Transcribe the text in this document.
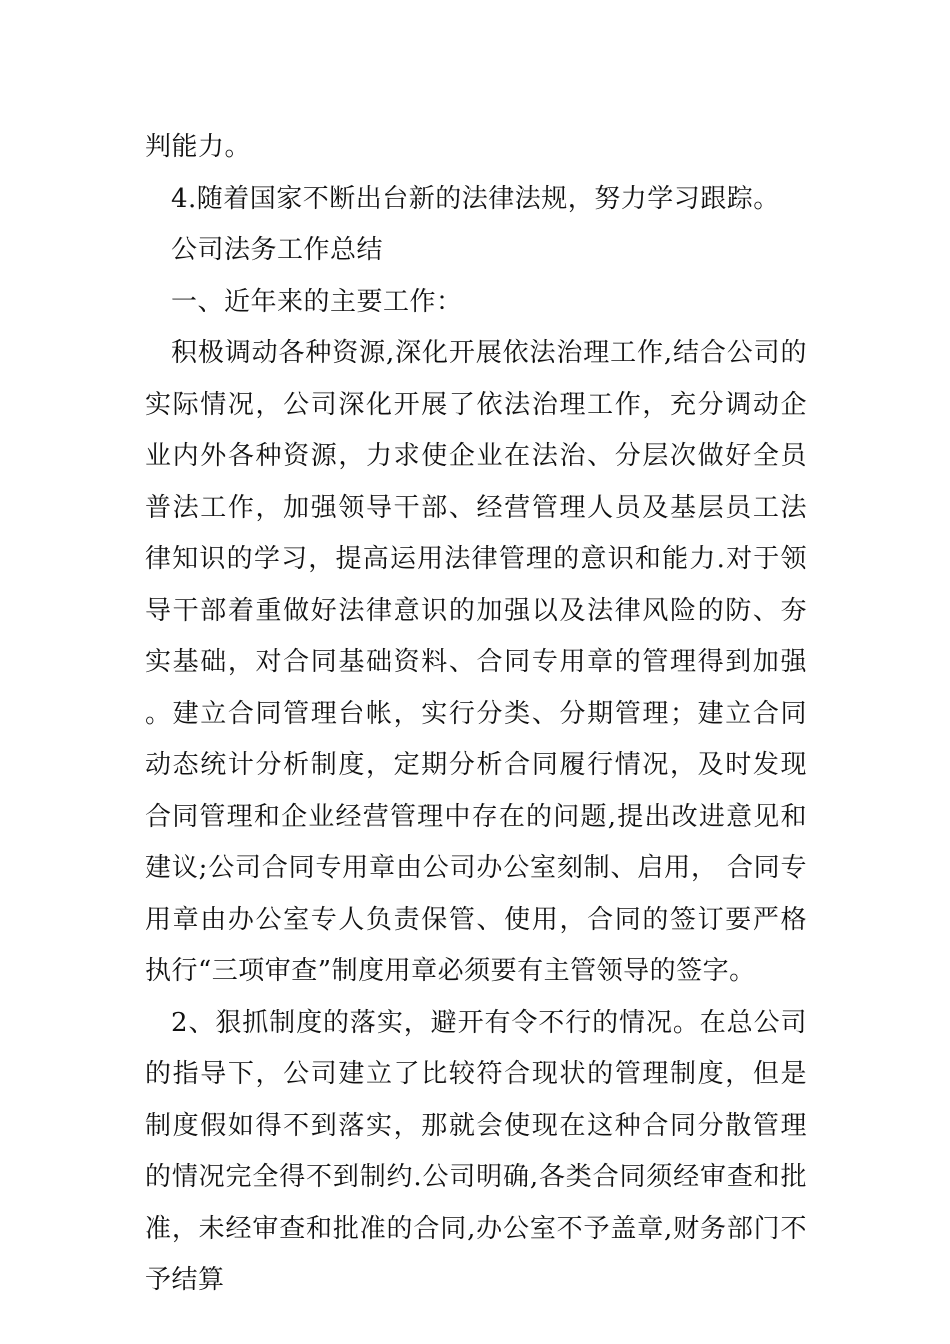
判能力。

4.随着国家不断出台新的法律法规，努力学习跟踪。

公司法务工作总结

一、近年来的主要工作：

积极调动各种资源,深化开展依法治理工作,结合公司的实际情况，公司深化开展了依法治理工作，充分调动企业内外各种资源，力求使企业在法治、分层次做好全员普法工作，加强领导干部、经营管理人员及基层员工法律知识的学习，提高运用法律管理的意识和能力.对于领导干部着重做好法律意识的加强以及法律风险的防、夯实基础，对合同基础资料、合同专用章的管理得到加强。建立合同管理台帐，实行分类、分期管理；建立合同动态统计分析制度，定期分析合同履行情况，及时发现合同管理和企业经营管理中存在的问题,提出改进意见和建议;公司合同专用章由公司办公室刻制、启用， 合同专用章由办公室专人负责保管、使用，合同的签订要严格执行“三项审查”制度用章必须要有主管领导的签字。

2、狠抓制度的落实，避开有令不行的情况。在总公司的指导下，公司建立了比较符合现状的管理制度，但是制度假如得不到落实，那就会使现在这种合同分散管理的情况完全得不到制约.公司明确,各类合同须经审查和批准，未经审查和批准的合同,办公室不予盖章,财务部门不予结算
